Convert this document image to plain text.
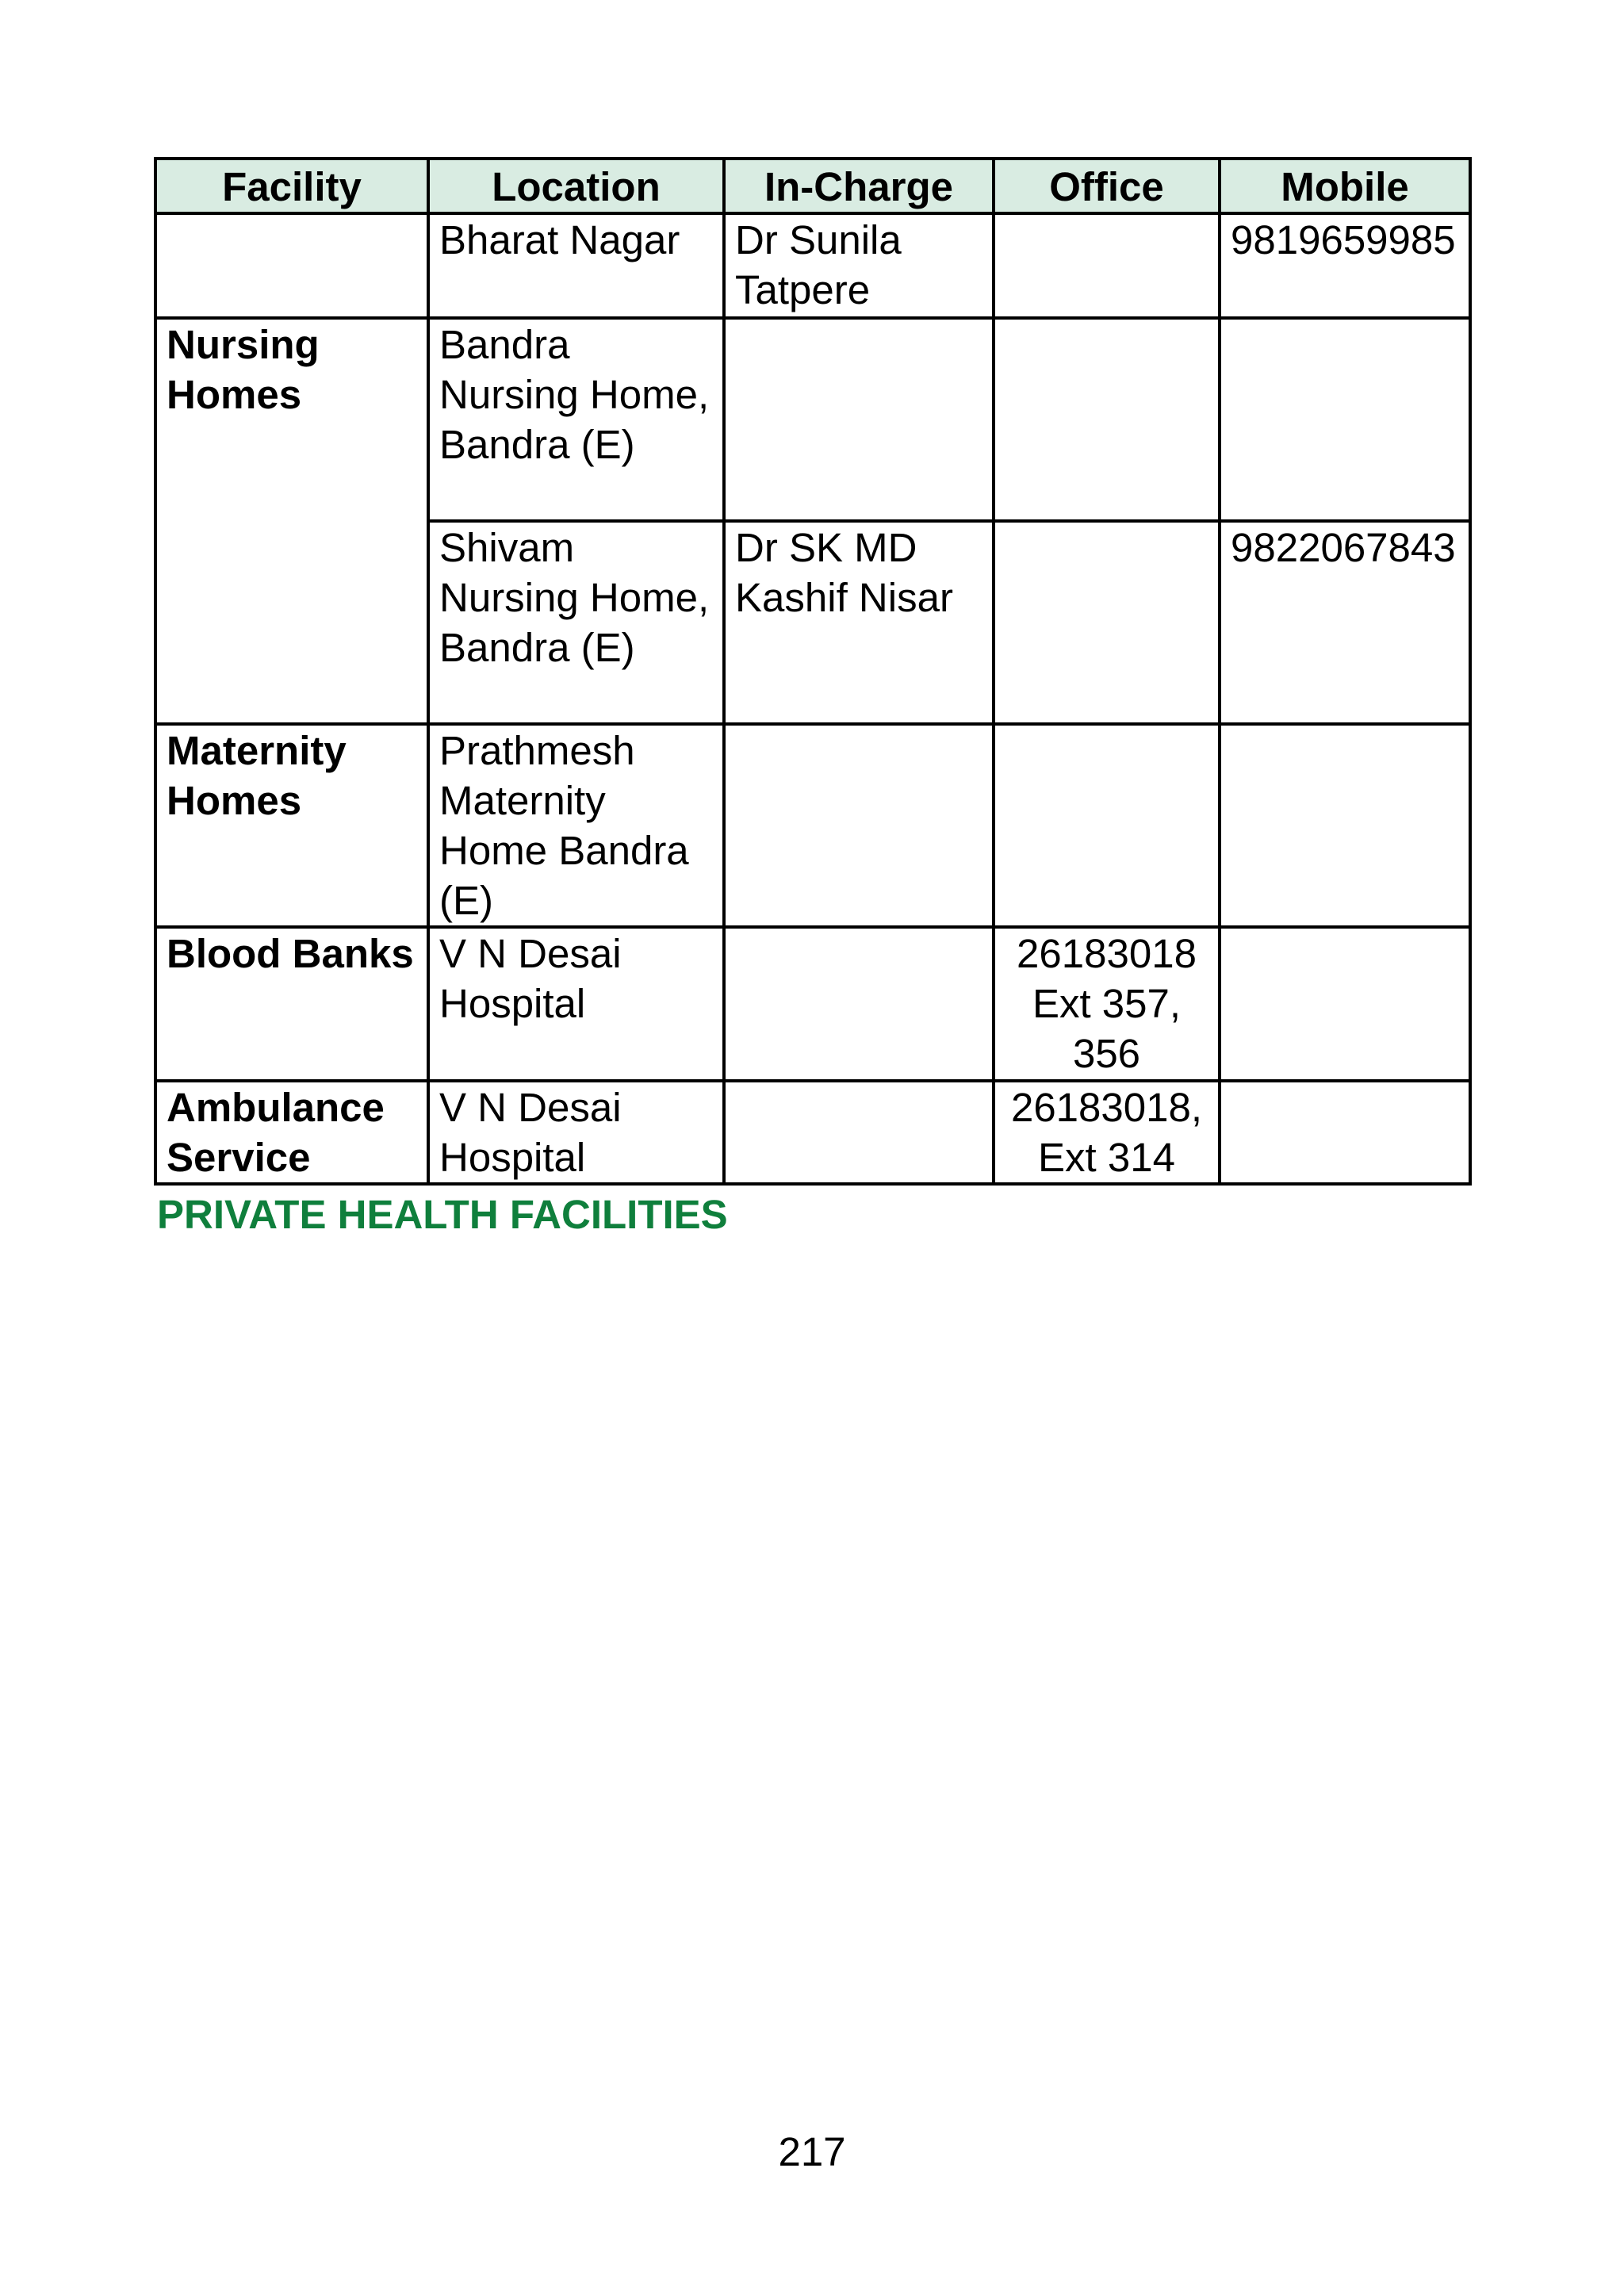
Facility	Location	In-Charge	Office	Mobile
	Bharat Nagar	Dr Sunila Tatpere		9819659985
Nursing Homes	Bandra Nursing Home, Bandra (E)			
	Shivam Nursing Home, Bandra (E)	Dr SK MD Kashif Nisar		9822067843
Maternity Homes	Prathmesh Maternity Home Bandra (E)			
Blood Banks	V N Desai Hospital		26183018 Ext 357, 356	
Ambulance Service	V N Desai Hospital		26183018, Ext 314	
PRIVATE HEALTH FACILITIES
217
